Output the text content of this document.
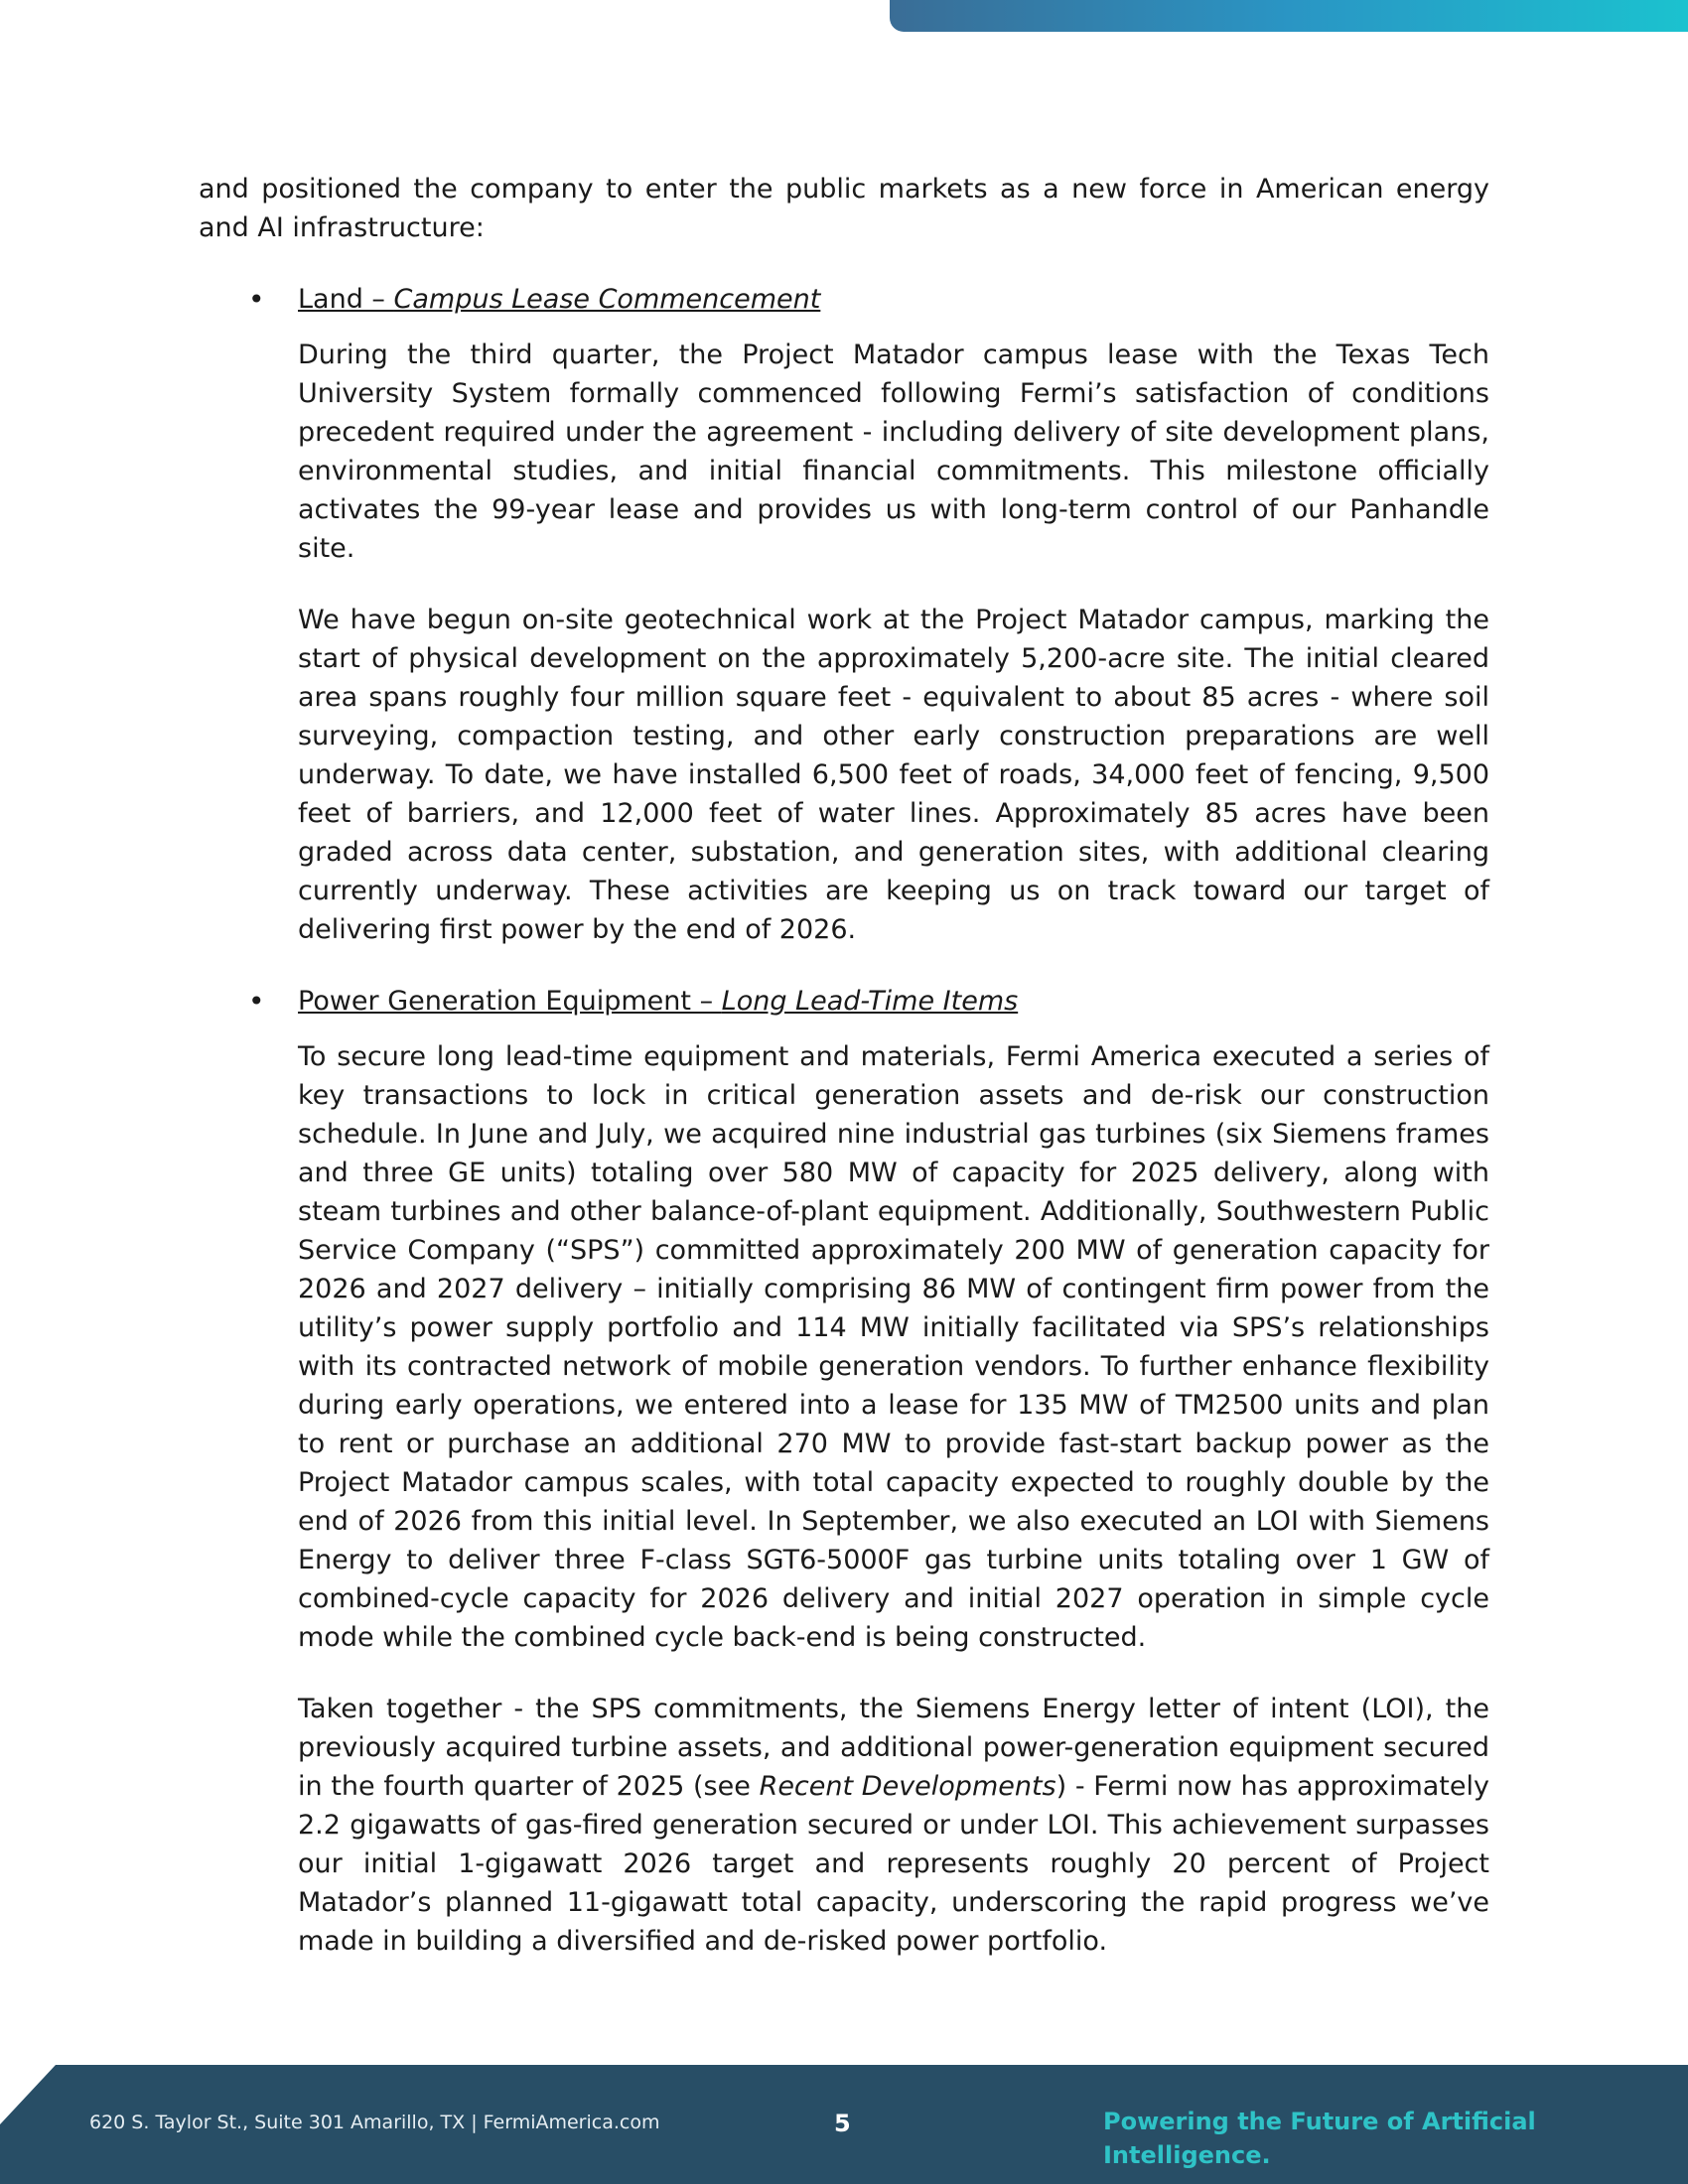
and positioned the company to enter the public markets as a new force in American energy and AI infrastructure:

• Land – Campus Lease Commencement

During the third quarter, the Project Matador campus lease with the Texas Tech University System formally commenced following Fermi’s satisfaction of conditions precedent required under the agreement - including delivery of site development plans, environmental studies, and initial financial commitments. This milestone officially activates the 99-year lease and provides us with long-term control of our Panhandle site.

We have begun on-site geotechnical work at the Project Matador campus, marking the start of physical development on the approximately 5,200-acre site. The initial cleared area spans roughly four million square feet - equivalent to about 85 acres - where soil surveying, compaction testing, and other early construction preparations are well underway. To date, we have installed 6,500 feet of roads, 34,000 feet of fencing, 9,500 feet of barriers, and 12,000 feet of water lines. Approximately 85 acres have been graded across data center, substation, and generation sites, with additional clearing currently underway. These activities are keeping us on track toward our target of delivering first power by the end of 2026.

• Power Generation Equipment – Long Lead-Time Items

To secure long lead-time equipment and materials, Fermi America executed a series of key transactions to lock in critical generation assets and de-risk our construction schedule. In June and July, we acquired nine industrial gas turbines (six Siemens frames and three GE units) totaling over 580 MW of capacity for 2025 delivery, along with steam turbines and other balance-of-plant equipment. Additionally, Southwestern Public Service Company (“SPS”) committed approximately 200 MW of generation capacity for 2026 and 2027 delivery – initially comprising 86 MW of contingent firm power from the utility’s power supply portfolio and 114 MW initially facilitated via SPS’s relationships with its contracted network of mobile generation vendors. To further enhance flexibility during early operations, we entered into a lease for 135 MW of TM2500 units and plan to rent or purchase an additional 270 MW to provide fast-start backup power as the Project Matador campus scales, with total capacity expected to roughly double by the end of 2026 from this initial level. In September, we also executed an LOI with Siemens Energy to deliver three F-class SGT6-5000F gas turbine units totaling over 1 GW of combined-cycle capacity for 2026 delivery and initial 2027 operation in simple cycle mode while the combined cycle back-end is being constructed.

Taken together - the SPS commitments, the Siemens Energy letter of intent (LOI), the previously acquired turbine assets, and additional power-generation equipment secured in the fourth quarter of 2025 (see Recent Developments) - Fermi now has approximately 2.2 gigawatts of gas-fired generation secured or under LOI. This achievement surpasses our initial 1-gigawatt 2026 target and represents roughly 20 percent of Project Matador’s planned 11-gigawatt total capacity, underscoring the rapid progress we’ve made in building a diversified and de-risked power portfolio.

620 S. Taylor St., Suite 301 Amarillo, TX | FermiAmerica.com	5	Powering the Future of Artificial Intelligence.
